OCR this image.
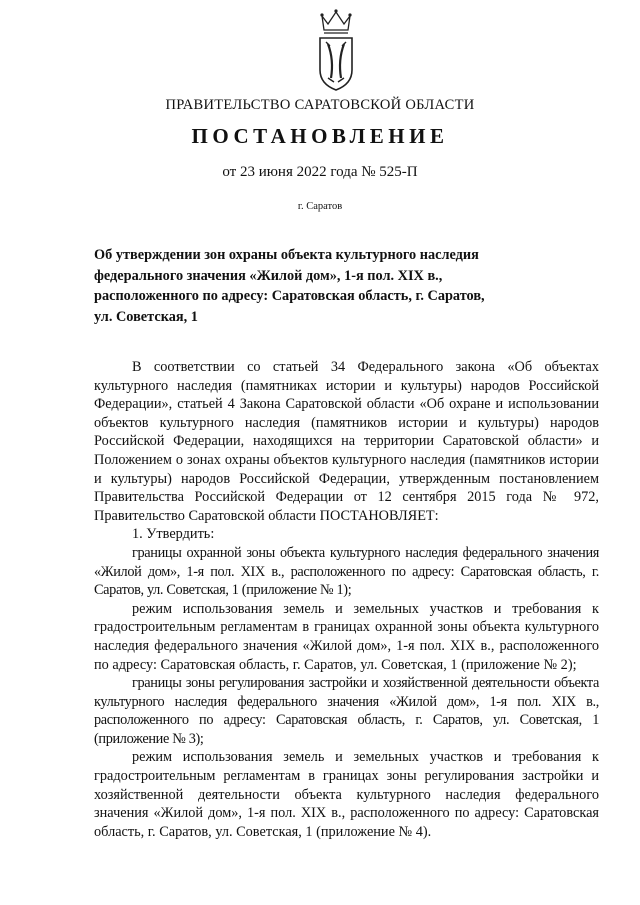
ПРАВИТЕЛЬСТВО САРАТОВСКОЙ ОБЛАСТИ
ПОСТАНОВЛЕНИЕ
от 23 июня 2022 года № 525-П
г. Саратов
Об утверждении зон охраны объекта культурного наследия федерального значения «Жилой дом», 1-я пол. XIX в., расположенного по адресу: Саратовская область, г. Саратов, ул. Советская, 1

В соответствии со статьей 34 Федерального закона «Об объектах культурного наследия (памятниках истории и культуры) народов Российской Федерации», статьей 4 Закона Саратовской области «Об охране и использовании объектов культурного наследия (памятников истории и культуры) народов Российской Федерации, находящихся на территории Саратовской области» и Положением о зонах охраны объектов культурного наследия (памятников истории и культуры) народов Российской Федерации, утвержденным постановлением Правительства Российской Федерации от 12 сентября 2015 года № 972, Правительство Саратовской области ПОСТАНОВЛЯЕТ:

1. Утвердить:

границы охранной зоны объекта культурного наследия федерального значения «Жилой дом», 1-я пол. XIX в., расположенного по адресу: Саратовская область, г. Саратов, ул. Советская, 1 (приложение № 1);

режим использования земель и земельных участков и требования к градостроительным регламентам в границах охранной зоны объекта культурного наследия федерального значения «Жилой дом», 1-я пол. XIX в., расположенного по адресу: Саратовская область, г. Саратов, ул. Советская, 1 (приложение № 2);

границы зоны регулирования застройки и хозяйственной деятельности объекта культурного наследия федерального значения «Жилой дом», 1-я пол. XIX в., расположенного по адресу: Саратовская область, г. Саратов, ул. Советская, 1 (приложение № 3);

режим использования земель и земельных участков и требования к градостроительным регламентам в границах зоны регулирования застройки и хозяйственной деятельности объекта культурного наследия федерального значения «Жилой дом», 1-я пол. XIX в., расположенного по адресу: Саратовская область, г. Саратов, ул. Советская, 1 (приложение № 4).
